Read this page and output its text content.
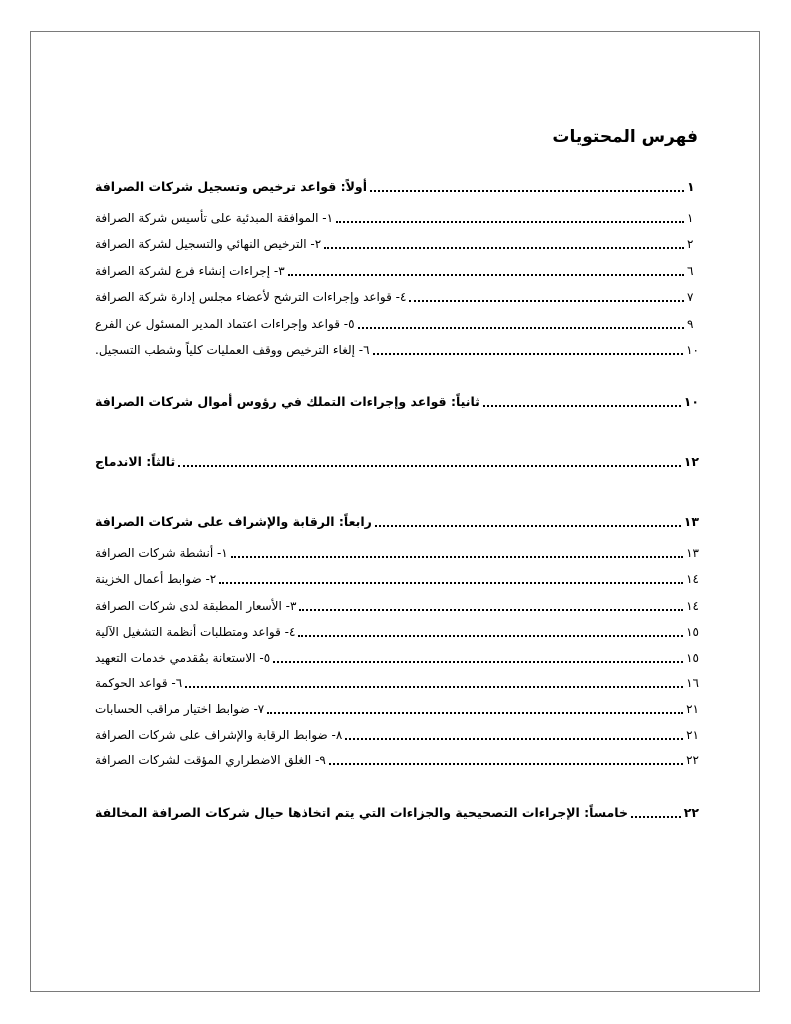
فهرس المحتويات
أولاً: قواعد ترخيص وتسجيل شركات الصرافة	١
١- الموافقة المبدئية على تأسيس شركة الصرافة	١
٢- الترخيص النهائي والتسجيل لشركة الصرافة	٢
٣- إجراءات إنشاء فرع لشركة الصرافة	٦
٤- قواعد وإجراءات الترشح لأعضاء مجلس إدارة شركة الصرافة	٧
٥- قواعد وإجراءات اعتماد المدير المسئول عن الفرع	٩
٦- إلغاء الترخيص ووقف العمليات كلياً وشطب التسجيل.	١٠
ثانياً: قواعد وإجراءات التملك في رؤوس أموال شركات الصرافة	١٠
ثالثاً: الاندماج	١٢
رابعاً: الرقابة والإشراف على شركات الصرافة	١٣
١- أنشطة شركات الصرافة	١٣
٢- ضوابط أعمال الخزينة	١٤
٣- الأسعار المطبقة لدى شركات الصرافة	١٤
٤- قواعد ومتطلبات أنظمة التشغيل الآلية	١٥
٥- الاستعانة بمُقدمي خدمات التعهيد	١٥
٦- قواعد الحوكمة	١٦
٧- ضوابط اختيار مراقب الحسابات	٢١
٨- ضوابط الرقابة والإشراف على شركات الصرافة	٢١
٩- الغلق الاضطراري المؤقت لشركات الصرافة	٢٢
خامساً: الإجراءات التصحيحية والجزاءات التي يتم اتخاذها حيال شركات الصرافة المخالفة	٢٢
